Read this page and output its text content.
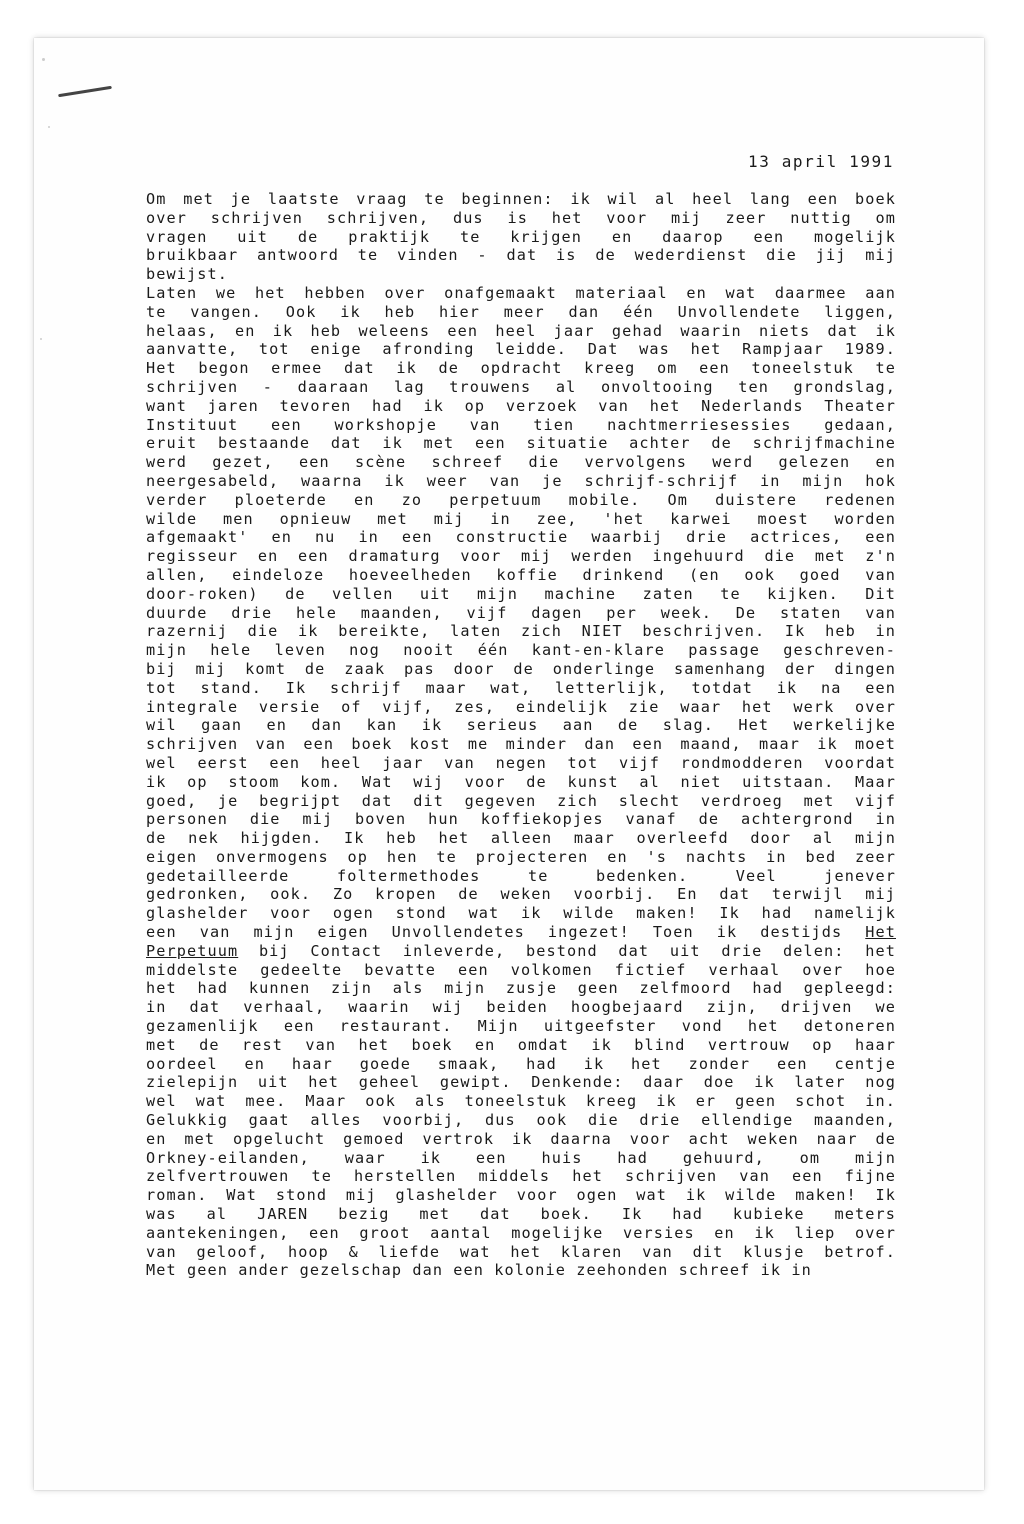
13 april 1991
Om met je laatste vraag te beginnen: ik wil al heel lang een boek
over schrijven schrijven, dus is het voor mij zeer nuttig om
vragen uit de praktijk te krijgen en daarop een mogelijk
bruikbaar antwoord te vinden - dat is de wederdienst die jij mij
bewijst.
Laten we het hebben over onafgemaakt materiaal en wat daarmee aan
te vangen. Ook ik heb hier meer dan één Unvollendete liggen,
helaas, en ik heb weleens een heel jaar gehad waarin niets dat ik
aanvatte, tot enige afronding leidde. Dat was het Rampjaar 1989.
Het begon ermee dat ik de opdracht kreeg om een toneelstuk te
schrijven - daaraan lag trouwens al onvoltooing ten grondslag,
want jaren tevoren had ik op verzoek van het Nederlands Theater
Instituut een workshopje van tien nachtmerriesessies gedaan,
eruit bestaande dat ik met een situatie achter de schrijfmachine
werd gezet, een scène schreef die vervolgens werd gelezen en
neergesabeld, waarna ik weer van je schrijf-schrijf in mijn hok
verder ploeterde en zo perpetuum mobile. Om duistere redenen
wilde men opnieuw met mij in zee, 'het karwei moest worden
afgemaakt' en nu in een constructie waarbij drie actrices, een
regisseur en een dramaturg voor mij werden ingehuurd die met z'n
allen, eindeloze hoeveelheden koffie drinkend (en ook goed van
door-roken) de vellen uit mijn machine zaten te kijken. Dit
duurde drie hele maanden, vijf dagen per week. De staten van
razernij die ik bereikte, laten zich NIET beschrijven. Ik heb in
mijn hele leven nog nooit één kant-en-klare passage geschreven-
bij mij komt de zaak pas door de onderlinge samenhang der dingen
tot stand. Ik schrijf maar wat, letterlijk, totdat ik na een
integrale versie of vijf, zes, eindelijk zie waar het werk over
wil gaan en dan kan ik serieus aan de slag. Het werkelijke
schrijven van een boek kost me minder dan een maand, maar ik moet
wel eerst een heel jaar van negen tot vijf rondmodderen voordat
ik op stoom kom. Wat wij voor de kunst al niet uitstaan. Maar
goed, je begrijpt dat dit gegeven zich slecht verdroeg met vijf
personen die mij boven hun koffiekopjes vanaf de achtergrond in
de nek hijgden. Ik heb het alleen maar overleefd door al mijn
eigen onvermogens op hen te projecteren en 's nachts in bed zeer
gedetailleerde foltermethodes te bedenken. Veel jenever
gedronken, ook. Zo kropen de weken voorbij. En dat terwijl mij
glashelder voor ogen stond wat ik wilde maken! Ik had namelijk
een van mijn eigen Unvollendetes ingezet! Toen ik destijds Het
Perpetuum bij Contact inleverde, bestond dat uit drie delen: het
middelste gedeelte bevatte een volkomen fictief verhaal over hoe
het had kunnen zijn als mijn zusje geen zelfmoord had gepleegd:
in dat verhaal, waarin wij beiden hoogbejaard zijn, drijven we
gezamenlijk een restaurant. Mijn uitgeefster vond het detoneren
met de rest van het boek en omdat ik blind vertrouw op haar
oordeel en haar goede smaak, had ik het zonder een centje
zielepijn uit het geheel gewipt. Denkende: daar doe ik later nog
wel wat mee. Maar ook als toneelstuk kreeg ik er geen schot in.
Gelukkig gaat alles voorbij, dus ook die drie ellendige maanden,
en met opgelucht gemoed vertrok ik daarna voor acht weken naar de
Orkney-eilanden, waar ik een huis had gehuurd, om mijn
zelfvertrouwen te herstellen middels het schrijven van een fijne
roman. Wat stond mij glashelder voor ogen wat ik wilde maken! Ik
was al JAREN bezig met dat boek. Ik had kubieke meters
aantekeningen, een groot aantal mogelijke versies en ik liep over
van geloof, hoop & liefde wat het klaren van dit klusje betrof.
Met geen ander gezelschap dan een kolonie zeehonden schreef ik in
